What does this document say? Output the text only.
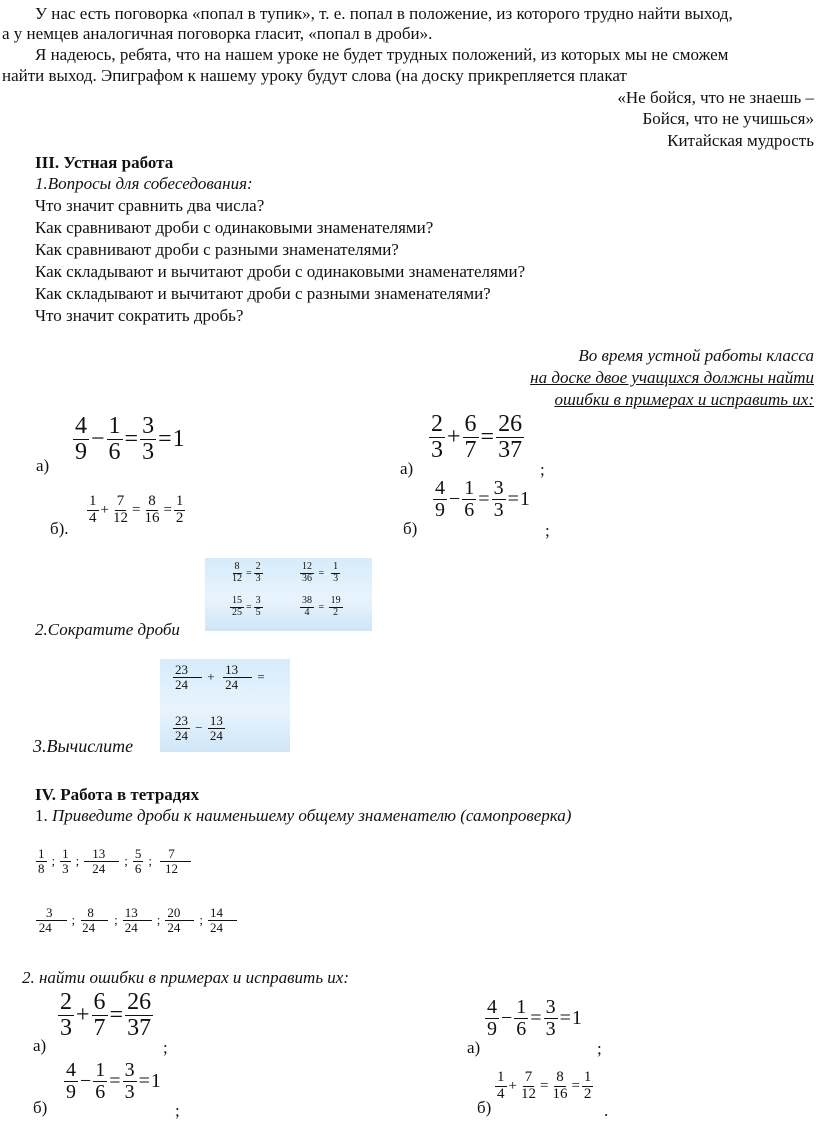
У нас есть поговорка «попал в тупик», т. е. попал в положение, из которого трудно найти выход,
а у немцев аналогичная поговорка гласит, «попал в дроби».
Я надеюсь, ребята, что на нашем уроке не будет трудных положений, из которых мы не сможем
найти выход. Эпиграфом к нашему уроку будут слова (на доску прикрепляется плакат
«Не бойся, что не знаешь –
Бойся, что не учишься»
Китайская мудрость
III. Устная работа
1.Вопросы для собеседования:
Что значит сравнить два числа?
Как сравнивают дроби с одинаковыми знаменателями?
Как сравнивают дроби с разными знаменателями?
Как складывают и вычитают дроби с одинаковыми знаменателями?
Как складывают и вычитают дроби с разными знаменателями?
Что значит сократить дробь?
Во время устной работы класса
на доске двое учащихся должны найти
ошибки в примерах и исправить их:
а)
$\frac{4}{9} - \frac{1}{6} = \frac{3}{3} = 1$
б).
$\frac{1}{4} + \frac{7}{12} = \frac{8}{16} = \frac{1}{2}$
а)
$\frac{2}{3} + \frac{6}{7} = \frac{26}{37}$
;
б)
$\frac{4}{9} - \frac{1}{6} = \frac{3}{3} = 1$
;
2.Сократите дроби
$\frac{8}{12} = \frac{2}{3}$	$\frac{12}{36} = \frac{1}{3}$
$\frac{15}{25} = \frac{3}{5}$	$\frac{38}{4} = \frac{19}{2}$
3.Вычислите
$\frac{23}{24} + \frac{13}{24}$ =
$\frac{23}{24} - \frac{13}{24}$
IV. Работа в тетрадях
1. Приведите дроби к наименьшему общему знаменателю (самопроверка)
$\frac{1}{8}$ ; $\frac{1}{3}$ ; $\frac{13}{24}$ ; $\frac{5}{6}$ ; $\frac{7}{12}$
$\frac{3}{24}$ ; $\frac{8}{24}$ ; $\frac{13}{24}$ ; $\frac{20}{24}$ ; $\frac{14}{24}$
2. найти ошибки в примерах и исправить их:
а)
$\frac{2}{3} + \frac{6}{7} = \frac{26}{37}$
;
б)
$\frac{4}{9} - \frac{1}{6} = \frac{3}{3} = 1$
;
а)
$\frac{4}{9} - \frac{1}{6} = \frac{3}{3} = 1$
;
б)
$\frac{1}{4} + \frac{7}{12} = \frac{8}{16} = \frac{1}{2}$
.
